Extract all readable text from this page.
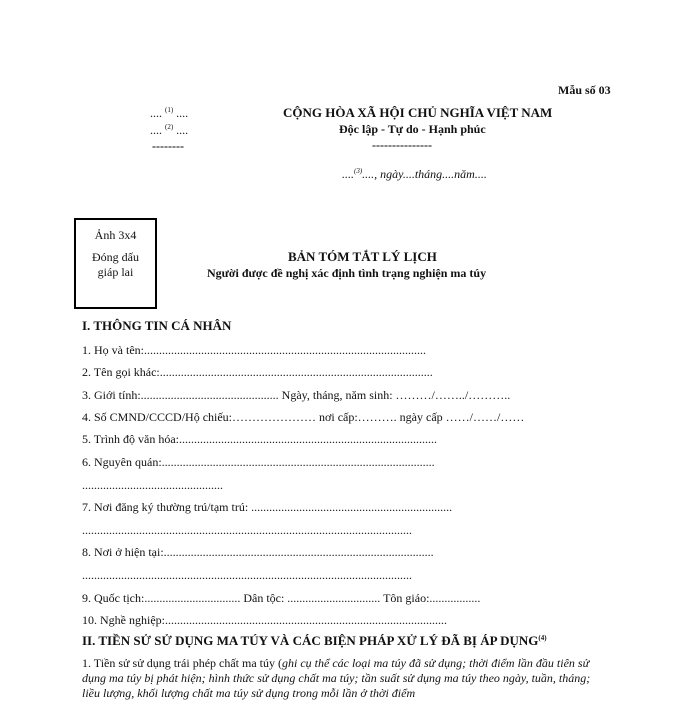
Mẫu số 03
.... $^{(1)}$ ....
.... $^{(2)}$ ....
--------
CỘNG HÒA XÃ HỘI CHỦ NGHĨA VIỆT NAM
Độc lập - Tự do - Hạnh phúc
---------------
....$^{(3)}$...., ngày....tháng....năm....
Ảnh 3x4
Đóng dấu
giáp lai
BẢN TÓM TẮT LÝ LỊCH
Người được đề nghị xác định tình trạng nghiện ma túy
I. THÔNG TIN CÁ NHÂN
1. Họ và tên:..............................................................................................
2. Tên gọi khác:...........................................................................................
3. Giới tính:.............................................. Ngày, tháng, năm sinh: ………/……../………..
4. Số CMND/CCCD/Hộ chiếu:………………… nơi cấp:………. ngày cấp ……/……/……
5. Trình độ văn hóa:......................................................................................
6. Nguyên quán:...........................................................................................
...............................................
7. Nơi đăng ký thường trú/tạm trú: ...................................................................
..............................................................................................................
8. Nơi ở hiện tại:..........................................................................................
..............................................................................................................
9. Quốc tịch:................................ Dân tộc: ............................... Tôn giáo:.................
10. Nghề nghiệp:..............................................................................................
II. TIỀN SỬ SỬ DỤNG MA TÚY VÀ CÁC BIỆN PHÁP XỬ LÝ ĐÃ BỊ ÁP DỤNG$^{(4)}$
1. Tiền sử sử dụng trái phép chất ma túy (ghi cụ thể các loại ma túy đã sử dụng; thời điểm lần đầu tiên sử dụng ma túy bị phát hiện; hình thức sử dụng chất ma túy; tần suất sử dụng ma túy theo ngày, tuần, tháng; liều lượng, khối lượng chất ma túy sử dụng trong mỗi lần ở thời điểm
